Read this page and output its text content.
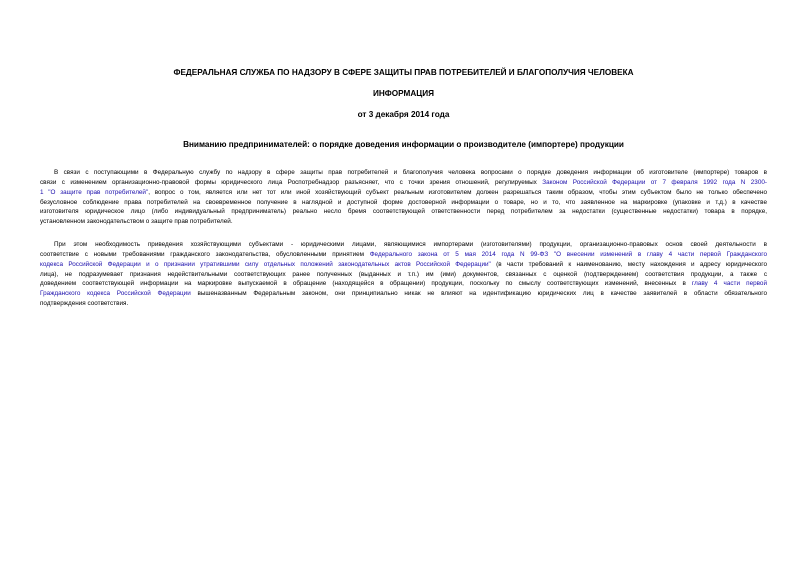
ФЕДЕРАЛЬНАЯ СЛУЖБА ПО НАДЗОРУ В СФЕРЕ ЗАЩИТЫ ПРАВ ПОТРЕБИТЕЛЕЙ И БЛАГОПОЛУЧИЯ ЧЕЛОВЕКА
ИНФОРМАЦИЯ
от 3 декабря 2014 года
Вниманию предпринимателей: о порядке доведения информации о производителе (импортере) продукции
В связи с поступающими в Федеральную службу по надзору в сфере защиты прав потребителей и благополучия человека вопросами о порядке доведения информации об изготовителе (импортере) товаров в
связи с изменением организационно-правовой формы юридического лица Роспотребнадзор разъясняет, что с точки зрения отношений, регулируемых Законом Российской Федерации от 7 февраля 1992 года N 2300-
1 "О защите прав потребителей", вопрос о том, является или нет тот или иной хозяйствующий субъект реальным изготовителем должен разрешаться таким образом, чтобы этим субъектом было не только обеспечено
безусловное соблюдение права потребителей на своевременное получение в наглядной и доступной форме достоверной информации о товаре, но и то, что заявленное на маркировке (упаковке и т.д.) в качестве
изготовителя юридическое лицо (либо индивидуальный предприниматель) реально несло бремя соответствующей ответственности перед потребителем за недостатки (существенные недостатки) товара в порядке,
установленном законодательством о защите прав потребителей.
При этом необходимость приведения хозяйствующими субъектами - юридическими лицами, являющимися импортерами (изготовителями) продукции, организационно-правовых основ своей деятельности в
соответствие с новыми требованиями гражданского законодательства, обусловленными принятием Федерального закона от 5 мая 2014 года N 99-ФЗ "О внесении изменений в главу 4 части первой Гражданского
кодекса Российской Федерации и о признании утратившими силу отдельных положений законодательных актов Российской Федерации" (в части требований к наименованию, месту нахождения и адресу юридического
лица), не подразумевает признания недействительными соответствующих ранее полученных (выданных и т.п.) им (ими) документов, связанных с оценкой (подтверждением) соответствия продукции, а также с
доведением соответствующей информации на маркировке выпускаемой в обращение (находящейся в обращении) продукции, поскольку по смыслу соответствующих изменений, внесенных в главу 4 части первой
Гражданского кодекса Российской Федерации вышеназванным Федеральным законом, они принципиально никак не влияют на идентификацию юридических лиц в качестве заявителей в области обязательного
подтверждения соответствия.
